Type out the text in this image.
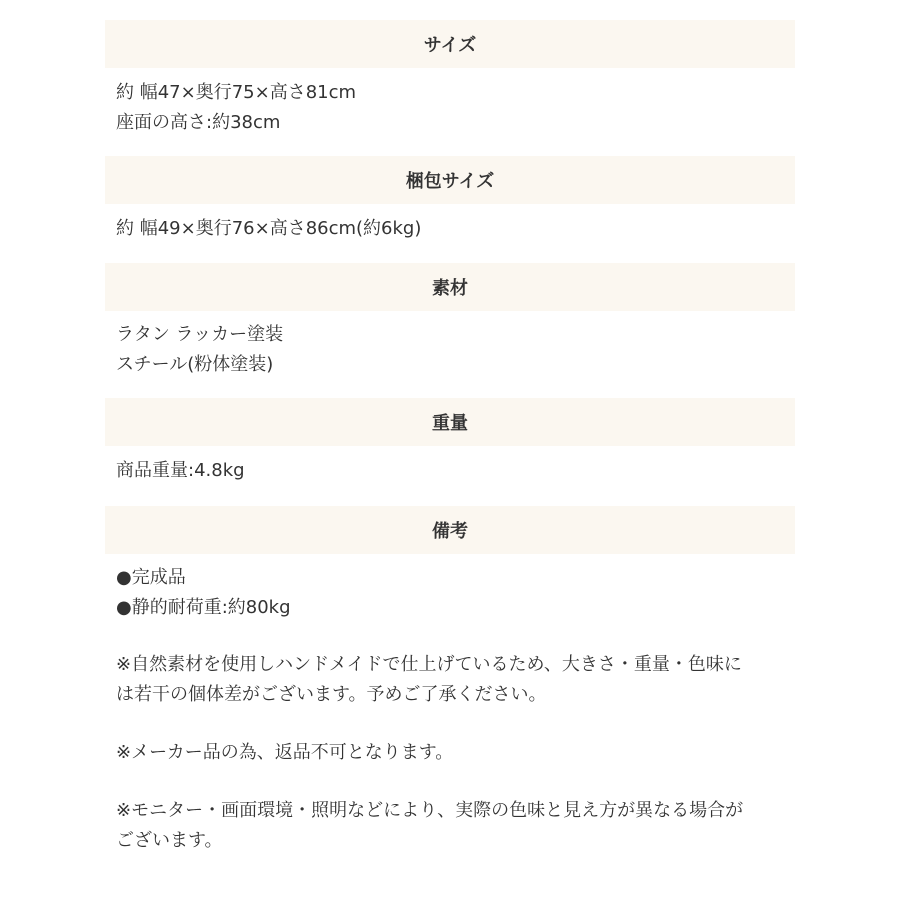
サイズ
約 幅47×奥行75×高さ81cm
座面の高さ:約38cm
梱包サイズ
約 幅49×奥行76×高さ86cm(約6kg)
素材
ラタン ラッカー塗装
スチール(粉体塗装)
重量
商品重量:4.8kg
備考
●完成品
●静的耐荷重:約80kg
※自然素材を使用しハンドメイドで仕上げているため、大きさ・重量・色味に
は若干の個体差がございます。予めご了承ください。
※メーカー品の為、返品不可となります。
※モニター・画面環境・照明などにより、実際の色味と見え方が異なる場合が
ございます。
